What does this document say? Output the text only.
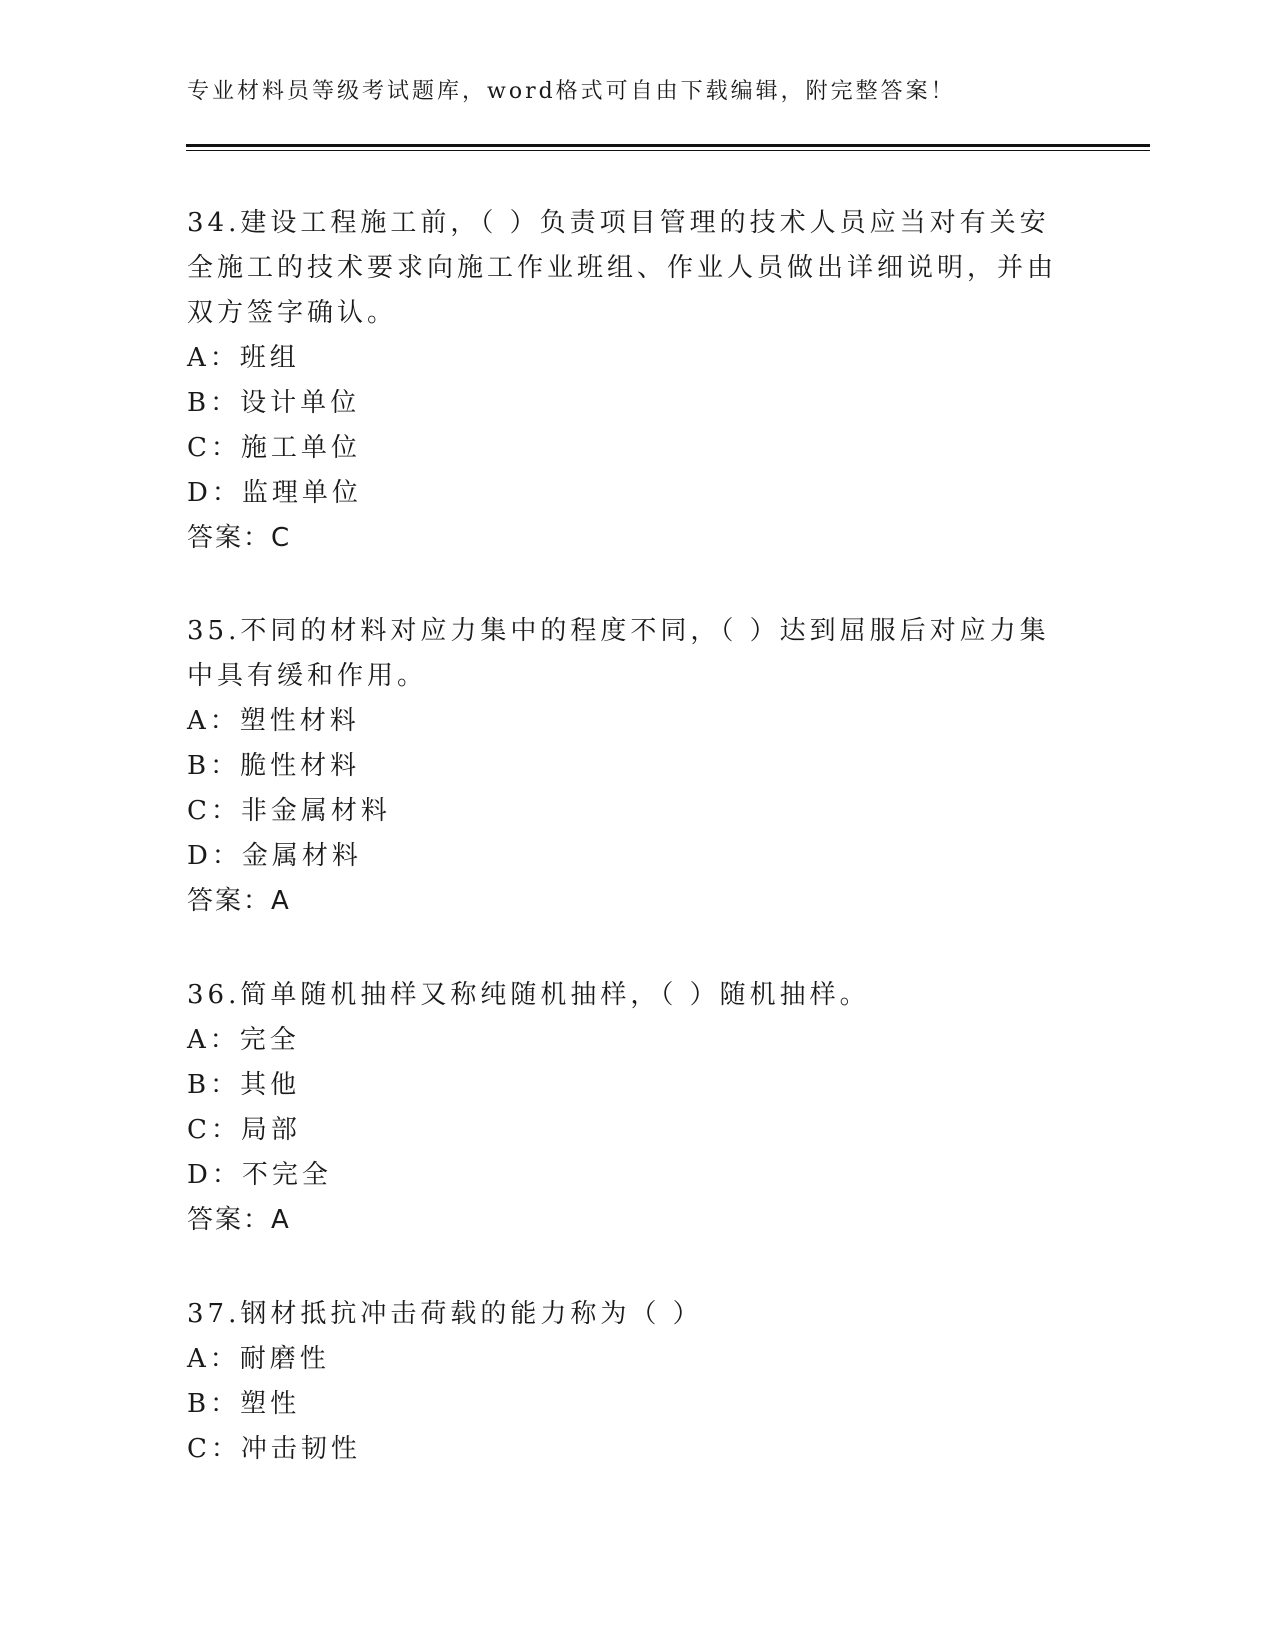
专业材料员等级考试题库，word格式可自由下载编辑，附完整答案！
34.建设工程施工前，（ ）负责项目管理的技术人员应当对有关安全施工的技术要求向施工作业班组、作业人员做出详细说明，并由双方签字确认。
A：班组
B：设计单位
C：施工单位
D：监理单位
答案：C
35.不同的材料对应力集中的程度不同，（ ）达到屈服后对应力集中具有缓和作用。
A：塑性材料
B：脆性材料
C：非金属材料
D：金属材料
答案：A
36.简单随机抽样又称纯随机抽样，（ ）随机抽样。
A：完全
B：其他
C：局部
D：不完全
答案：A
37.钢材抵抗冲击荷载的能力称为（ ）
A：耐磨性
B：塑性
C：冲击韧性
